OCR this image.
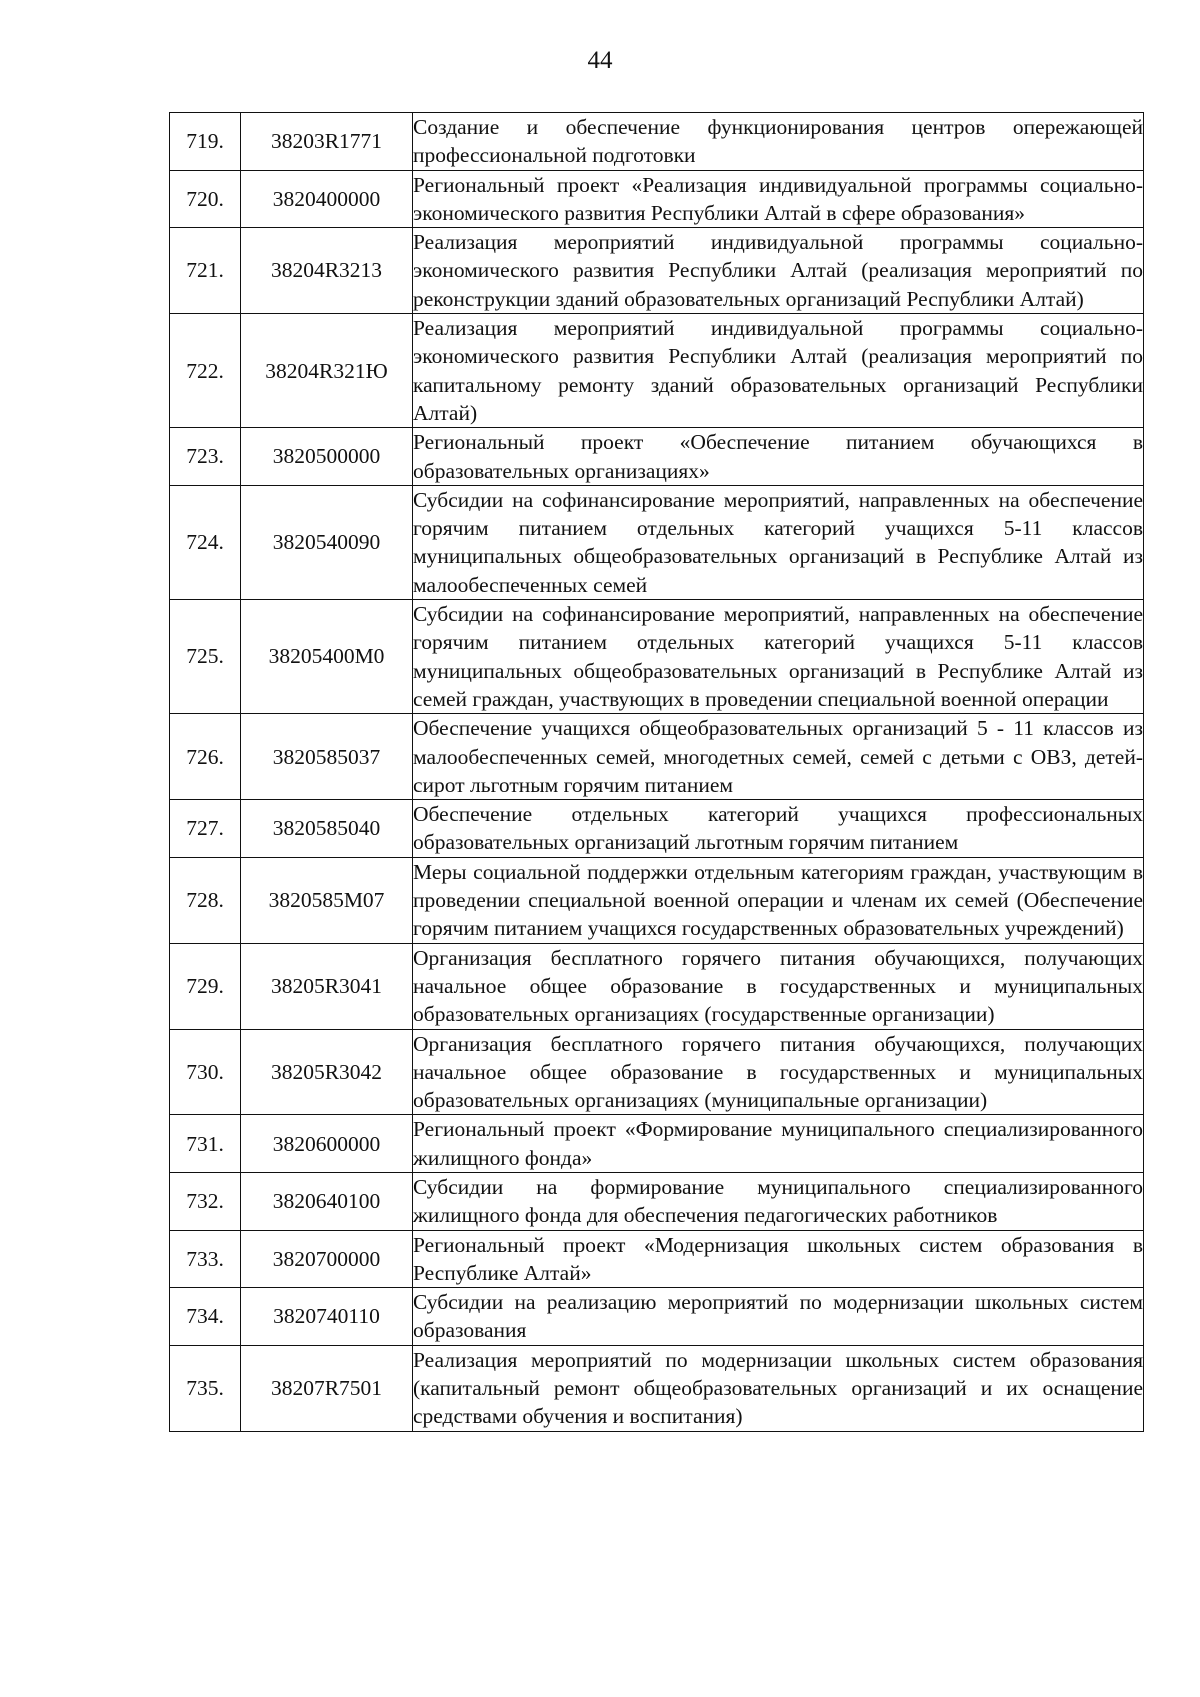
44
719.	38203R1771	Создание и обеспечение функционирования центров опережающей профессиональной подготовки
720.	3820400000	Региональный проект «Реализация индивидуальной программы социально-экономического развития Республики Алтай в сфере образования»
721.	38204R3213	Реализация мероприятий индивидуальной программы социально-экономического развития Республики Алтай (реализация мероприятий по реконструкции зданий образовательных организаций Республики Алтай)
722.	38204R321Ю	Реализация мероприятий индивидуальной программы социально-экономического развития Республики Алтай (реализация мероприятий по капитальному ремонту зданий образовательных организаций Республики Алтай)
723.	3820500000	Региональный проект «Обеспечение питанием обучающихся в образовательных организациях»
724.	3820540090	Субсидии на софинансирование мероприятий, направленных на обеспечение горячим питанием отдельных категорий учащихся 5-11 классов муниципальных общеобразовательных организаций в Республике Алтай из малообеспеченных семей
725.	38205400М0	Субсидии на софинансирование мероприятий, направленных на обеспечение горячим питанием отдельных категорий учащихся 5-11 классов муниципальных общеобразовательных организаций в Республике Алтай из семей граждан, участвующих в проведении специальной военной операции
726.	3820585037	Обеспечение учащихся общеобразовательных организаций 5 - 11 классов из малообеспеченных семей, многодетных семей, семей с детьми с ОВЗ, детей-сирот льготным горячим питанием
727.	3820585040	Обеспечение отдельных категорий учащихся профессиональных образовательных организаций льготным горячим питанием
728.	3820585М07	Меры социальной поддержки отдельным категориям граждан, участвующим в проведении специальной военной операции и членам их семей (Обеспечение горячим питанием учащихся государственных образовательных учреждений)
729.	38205R3041	Организация бесплатного горячего питания обучающихся, получающих начальное общее образование в государственных и муниципальных образовательных организациях (государственные организации)
730.	38205R3042	Организация бесплатного горячего питания обучающихся, получающих начальное общее образование в государственных и муниципальных образовательных организациях (муниципальные организации)
731.	3820600000	Региональный проект «Формирование муниципального специализированного жилищного фонда»
732.	3820640100	Субсидии на формирование муниципального специализированного жилищного фонда для обеспечения педагогических работников
733.	3820700000	Региональный проект «Модернизация школьных систем образования в Республике Алтай»
734.	3820740110	Субсидии на реализацию мероприятий по модернизации школьных систем образования
735.	38207R7501	Реализация мероприятий по модернизации школьных систем образования (капитальный ремонт общеобразовательных организаций и их оснащение средствами обучения и воспитания)
